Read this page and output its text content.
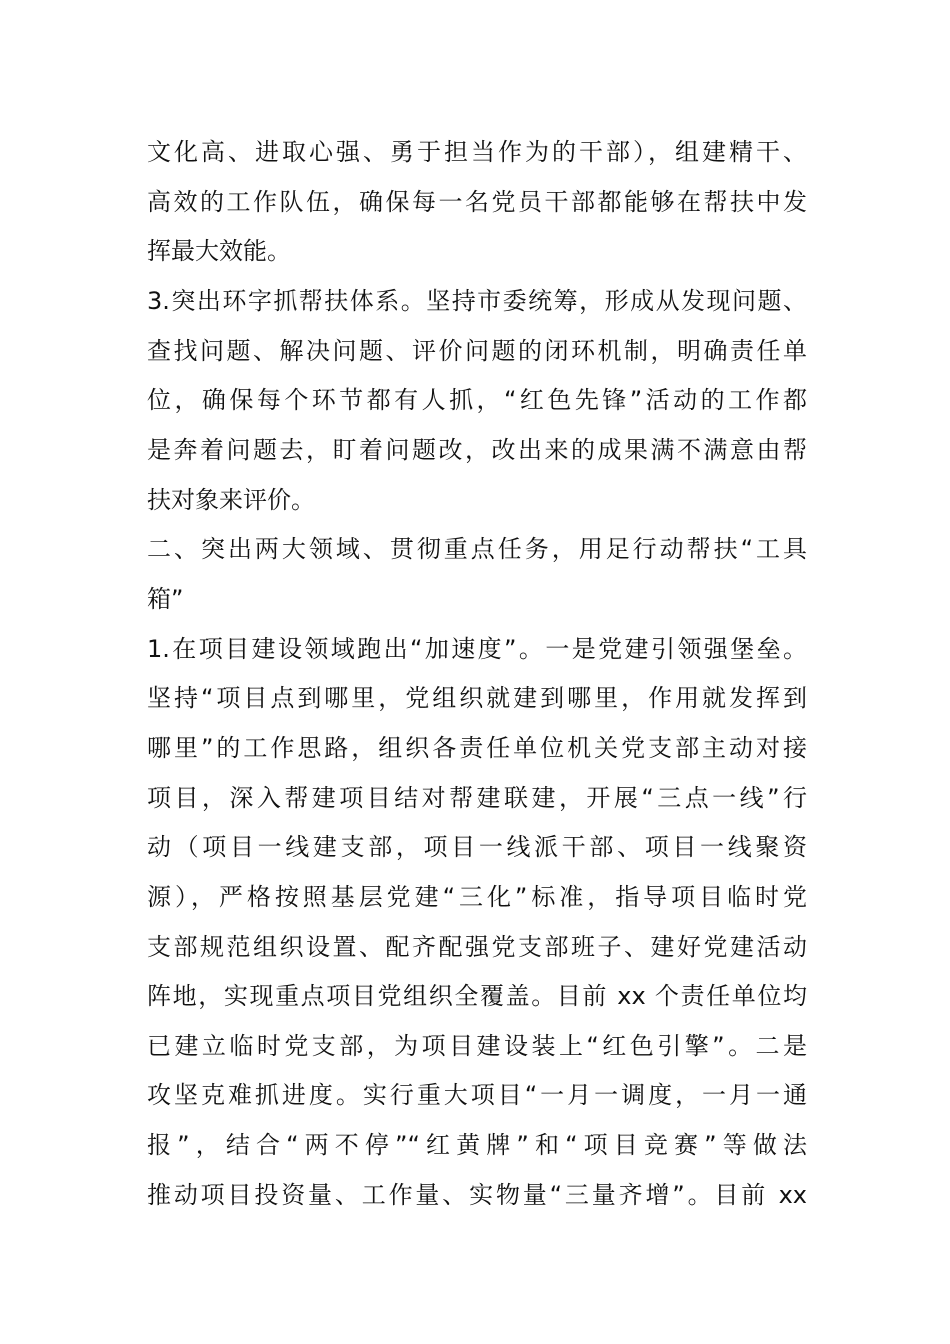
文化高、进取心强、勇于担当作为的干部），组建精干、
高效的工作队伍，确保每一名党员干部都能够在帮扶中发
挥最大效能。
3.突出环字抓帮扶体系。坚持市委统筹，形成从发现问题、
查找问题、解决问题、评价问题的闭环机制，明确责任单
位，确保每个环节都有人抓，“红色先锋”活动的工作都
是奔着问题去，盯着问题改，改出来的成果满不满意由帮
扶对象来评价。
二、突出两大领域、贯彻重点任务，用足行动帮扶“工具
箱”
1.在项目建设领域跑出“加速度”。一是党建引领强堡垒。
坚持“项目点到哪里，党组织就建到哪里，作用就发挥到
哪里”的工作思路，组织各责任单位机关党支部主动对接
项目，深入帮建项目结对帮建联建，开展“三点一线”行
动（项目一线建支部，项目一线派干部、项目一线聚资
源），严格按照基层党建“三化”标准，指导项目临时党
支部规范组织设置、配齐配强党支部班子、建好党建活动
阵地，实现重点项目党组织全覆盖。目前 xx 个责任单位均
已建立临时党支部，为项目建设装上“红色引擎”。二是
攻坚克难抓进度。实行重大项目“一月一调度，一月一通
报”，结合“两不停”“红黄牌”和“项目竞赛”等做法
推动项目投资量、工作量、实物量“三量齐增”。目前 xx
